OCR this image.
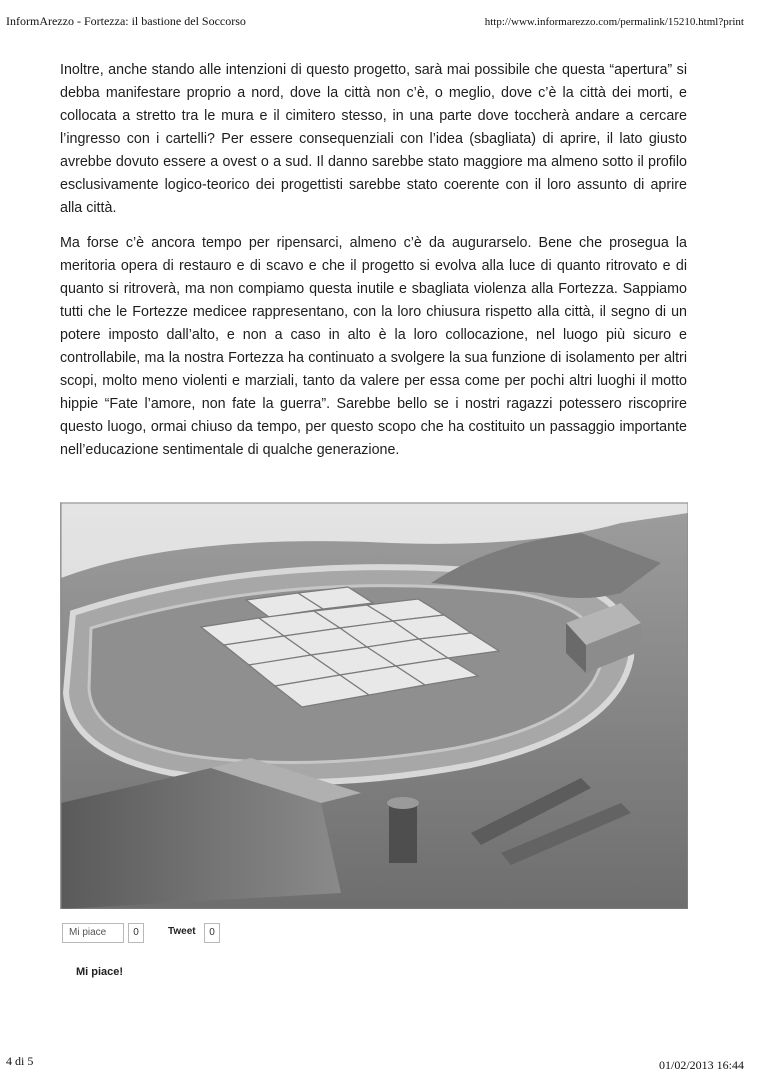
InformArezzo - Fortezza: il bastione del Soccorso	http://www.informarezzo.com/permalink/15210.html?print

Inoltre, anche stando alle intenzioni di questo progetto, sarà mai possibile che questa “apertura” si debba manifestare proprio a nord, dove la città non c’è, o meglio, dove c’è la città dei morti, e collocata a stretto tra le mura e il cimitero stesso, in una parte dove toccherà andare a cercare l’ingresso con i cartelli? Per essere consequenziali con l’idea (sbagliata) di aprire, il lato giusto avrebbe dovuto essere a ovest o a sud. Il danno sarebbe stato maggiore ma almeno sotto il profilo esclusivamente logico-teorico dei progettisti sarebbe stato coerente con il loro assunto di aprire alla città.

Ma forse c’è ancora tempo per ripensarci, almeno c’è da augurarselo. Bene che prosegua la meritoria opera di restauro e di scavo e che il progetto si evolva alla luce di quanto ritrovato e di quanto si ritroverà, ma non compiamo questa inutile e sbagliata violenza alla Fortezza. Sappiamo tutti che le Fortezze medicee rappresentano, con la loro chiusura rispetto alla città, il segno di un potere imposto dall’alto, e non a caso in alto è la loro collocazione, nel luogo più sicuro e controllabile, ma la nostra Fortezza ha continuato a svolgere la sua funzione di isolamento per altri scopi, molto meno violenti e marziali, tanto da valere per essa come per pochi altri luoghi il motto hippie “Fate l’amore, non fate la guerra”. Sarebbe bello se i nostri ragazzi potessero riscoprire questo luogo, ormai chiuso da tempo, per questo scopo che ha costituito un passaggio importante nell’educazione sentimentale di qualche generazione.

Mi piace	0	Tweet	0
Mi piace!
4 di 5	01/02/2013 16:44
